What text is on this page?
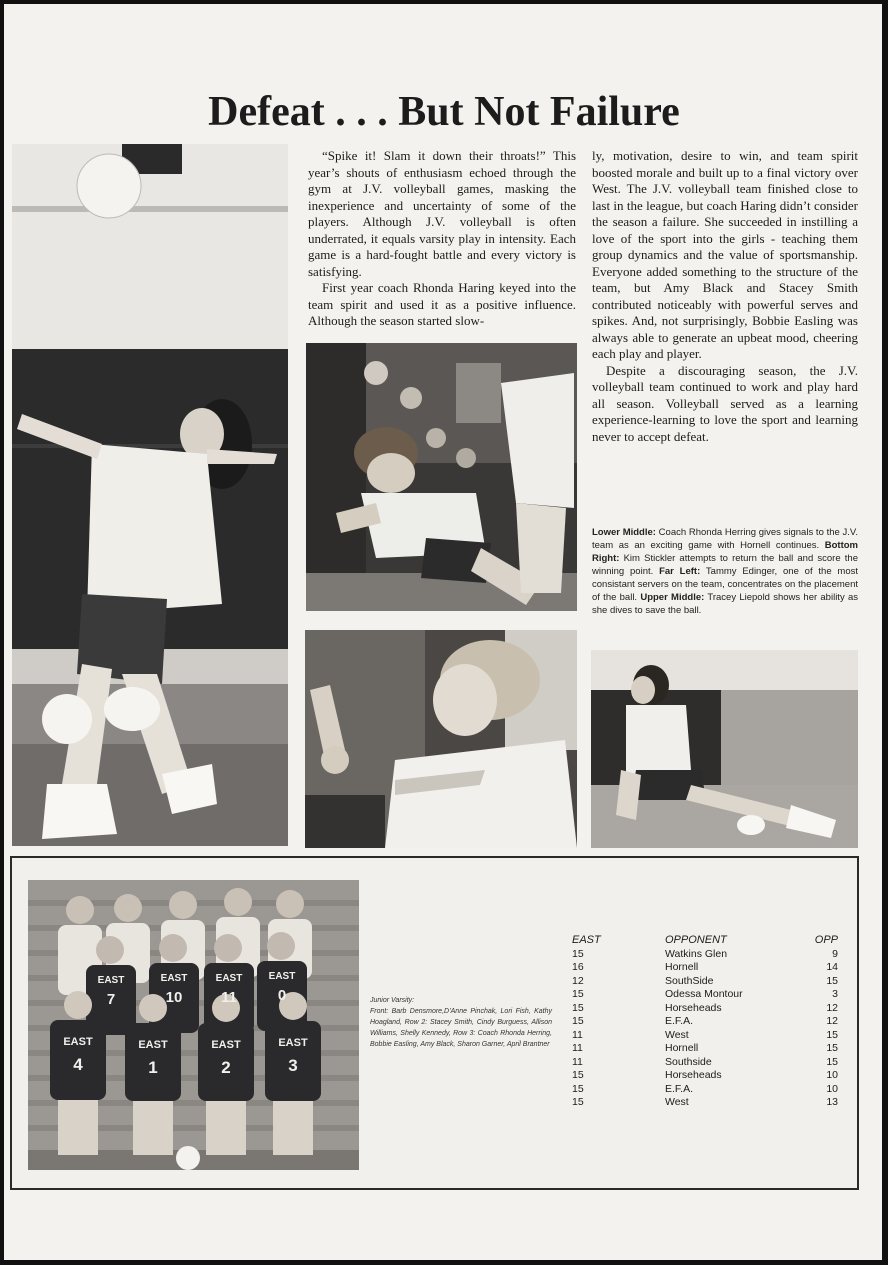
Defeat . . . But Not Failure

“Spike it! Slam it down their throats!” This year’s shouts of enthusiasm echoed through the gym at J.V. volleyball games, masking the inexperience and uncertainty of some of the players. Although J.V. volleyball is often underrated, it equals varsity play in intensity. Each game is a hard-fought battle and every victory is satisfying.

First year coach Rhonda Haring keyed into the team spirit and used it as a positive influence. Although the season started slow-

ly, motivation, desire to win, and team spirit boosted morale and built up to a final victory over West. The J.V. volleyball team finished close to last in the league, but coach Haring didn’t consider the season a failure. She succeeded in instilling a love of the sport into the girls - teaching them group dynamics and the value of sportsmanship. Everyone added something to the structure of the team, but Amy Black and Stacey Smith contributed noticeably with powerful serves and spikes. And, not surprisingly, Bobbie Easling was always able to generate an upbeat mood, cheering each play and player.

Despite a discouraging season, the J.V. volleyball team continued to work and play hard all season. Volleyball served as a learning experience-learning to love the sport and learning never to accept defeat.

Lower Middle: Coach Rhonda Herring gives signals to the J.V. team as an exciting game with Hornell continues. Bottom Right: Kim Stickler attempts to return the ball and score the winning point. Far Left: Tammy Edinger, one of the most consistant servers on the team, concentrates on the placement of the ball. Upper Middle: Tracey Liepold shows her ability as she dives to save the ball.
EAST
7
EAST
10
EAST
11
EAST
0
EAST
4
EAST
1
EAST
2
EAST
3
Junior Varsity:
Front: Barb Densmore,D’Anne Pinchak, Lori Fish, Kathy Hoagland, Row 2: Stacey Smith, Cindy Burguess, Allison Williams, Shelly Kennedy, Row 3: Coach Rhonda Herring, Bobbie Easling, Amy Black, Sharon Garner, April Brantner
EAST	OPPONENT	OPP
15	Watkins Glen	9
16	Hornell	14
12	SouthSide	15
15	Odessa Montour	3
15	Horseheads	12
15	E.F.A.	12
11	West	15
11	Hornell	15
11	Southside	15
15	Horseheads	10
15	E.F.A.	10
15	West	13
